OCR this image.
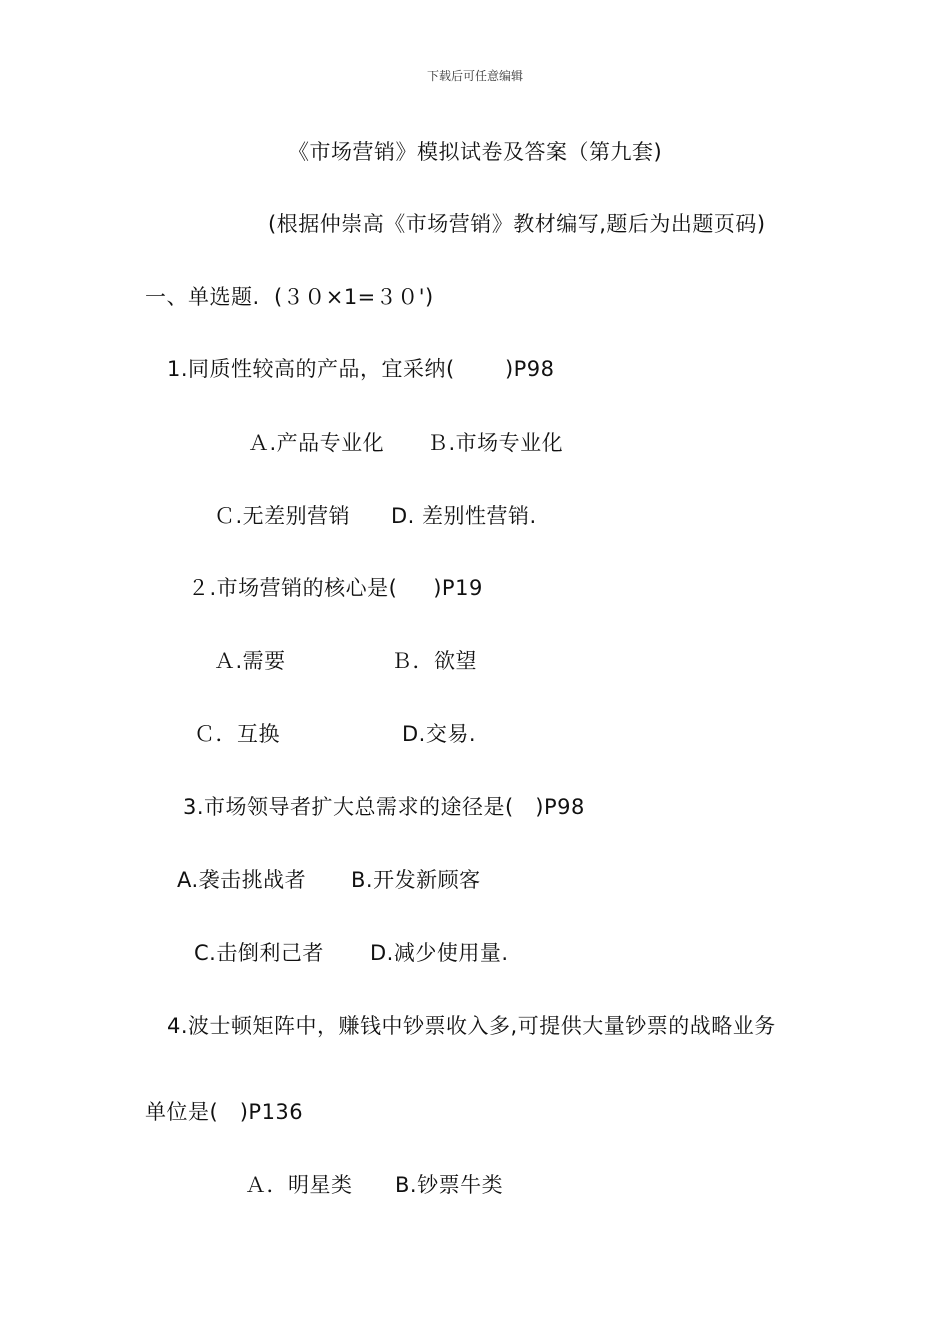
下载后可任意编辑
《市场营销》模拟试卷及答案（第九套)
(根据仲崇高《市场营销》教材编写,题后为出题页码)
一、单选题.  (３０×1=３０')
1.同质性较高的产品，宜采纳(       )P98
Ａ.产品专业化 Ｂ.市场专业化
Ｃ.无差别营销 D. 差别性营销.
２.市场营销的核心是(     )P19
Ａ.需要	Ｂ．欲望
Ｃ．互换	D.交易.
3.市场领导者扩大总需求的途径是(   )P98
A.袭击挑战者 B.开发新顾客
C.击倒利己者 D.减少使用量.
4.波士顿矩阵中，赚钱中钞票收入多,可提供大量钞票的战略业务
单位是(   )P136
Ａ．明星类 B.钞票牛类
